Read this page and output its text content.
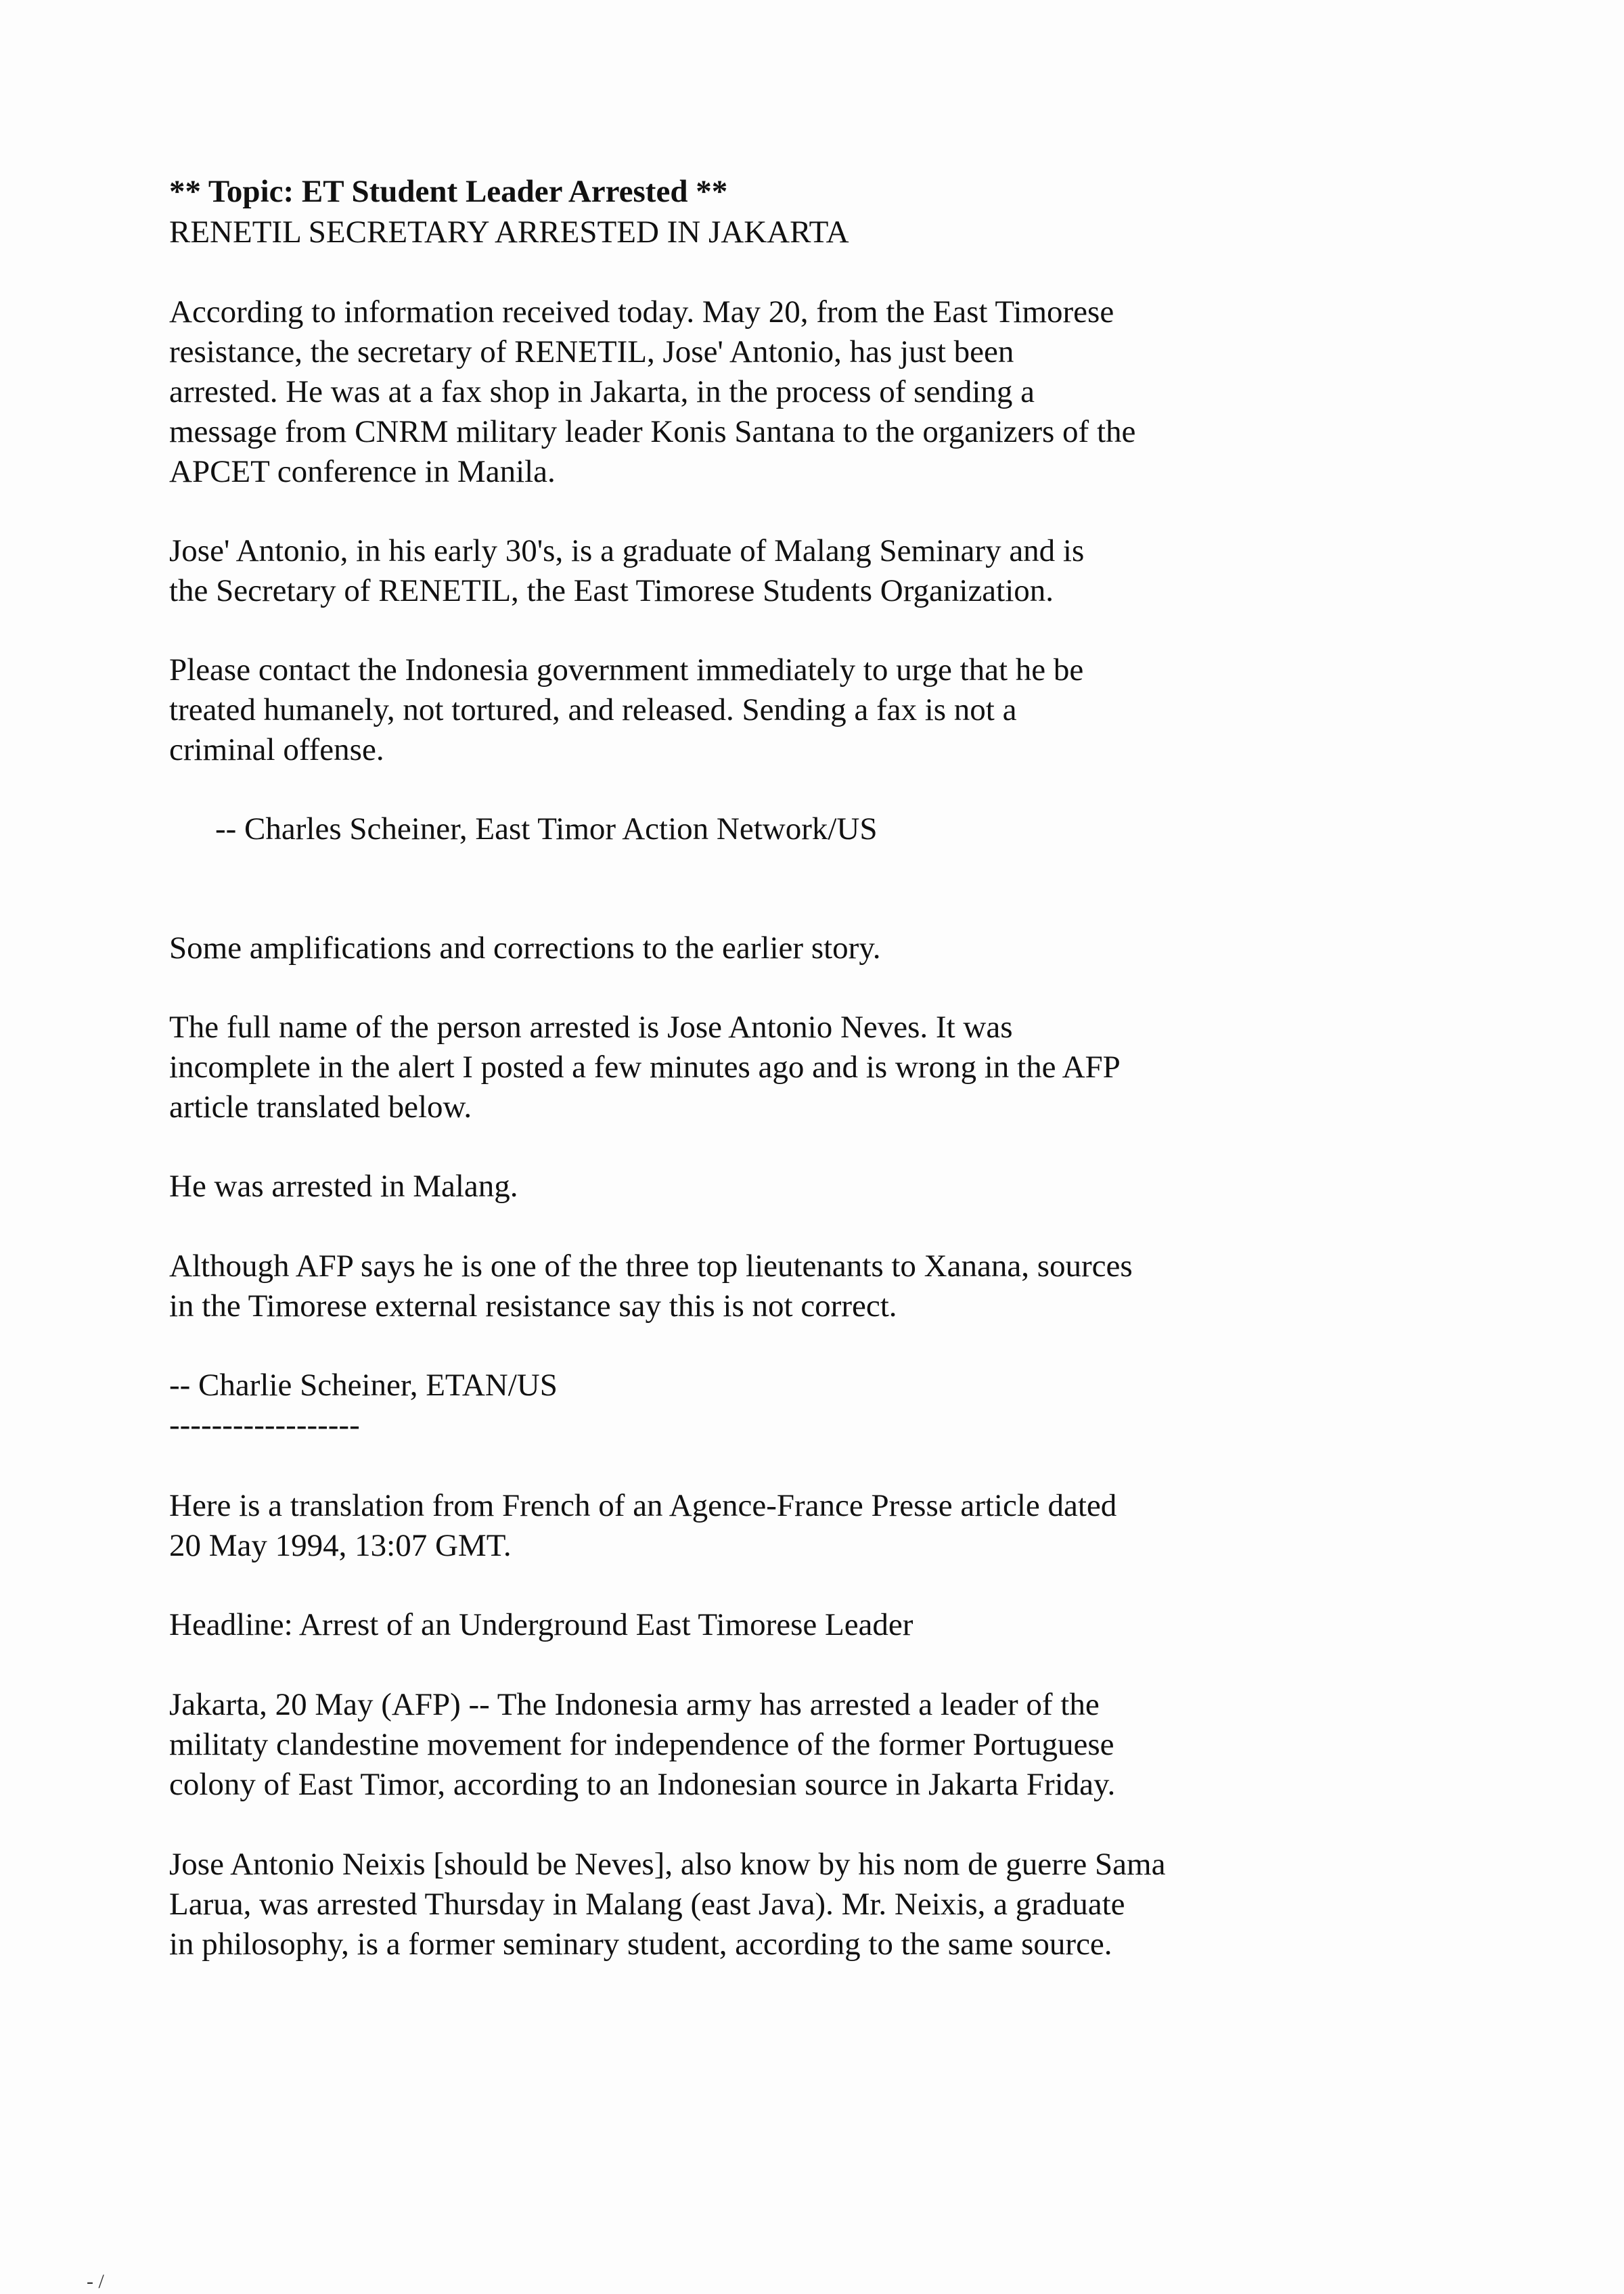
** Topic: ET Student Leader Arrested **
RENETIL SECRETARY ARRESTED IN JAKARTA
According to information received today. May 20, from the East Timorese
resistance, the secretary of RENETIL, Jose' Antonio, has just been
arrested. He was at a fax shop in Jakarta, in the process of sending a
message from CNRM military leader Konis Santana to the organizers of the
APCET conference in Manila.
Jose' Antonio, in his early 30's, is a graduate of Malang Seminary and is
the Secretary of RENETIL, the East Timorese Students Organization.
Please contact the Indonesia government immediately to urge that he be
treated humanely, not tortured, and released. Sending a fax is not a
criminal offense.
-- Charles Scheiner, East Timor Action Network/US
Some amplifications and corrections to the earlier story.
The full name of the person arrested is Jose Antonio Neves. It was
incomplete in the alert I posted a few minutes ago and is wrong in the AFP
article translated below.
He was arrested in Malang.
Although AFP says he is one of the three top lieutenants to Xanana, sources
in the Timorese external resistance say this is not correct.
-- Charlie Scheiner, ETAN/US
------------------
Here is a translation from French of an Agence-France Presse article dated
20 May 1994, 13:07 GMT.
Headline: Arrest of an Underground East Timorese Leader
Jakarta, 20 May (AFP) -- The Indonesia army has arrested a leader of the
militaty clandestine movement for independence of the former Portuguese
colony of East Timor, according to an Indonesian source in Jakarta Friday.
Jose Antonio Neixis [should be Neves], also know by his nom de guerre Sama
Larua, was arrested Thursday in Malang (east Java). Mr. Neixis, a graduate
in philosophy, is a former seminary student, according to the same source.
- /
